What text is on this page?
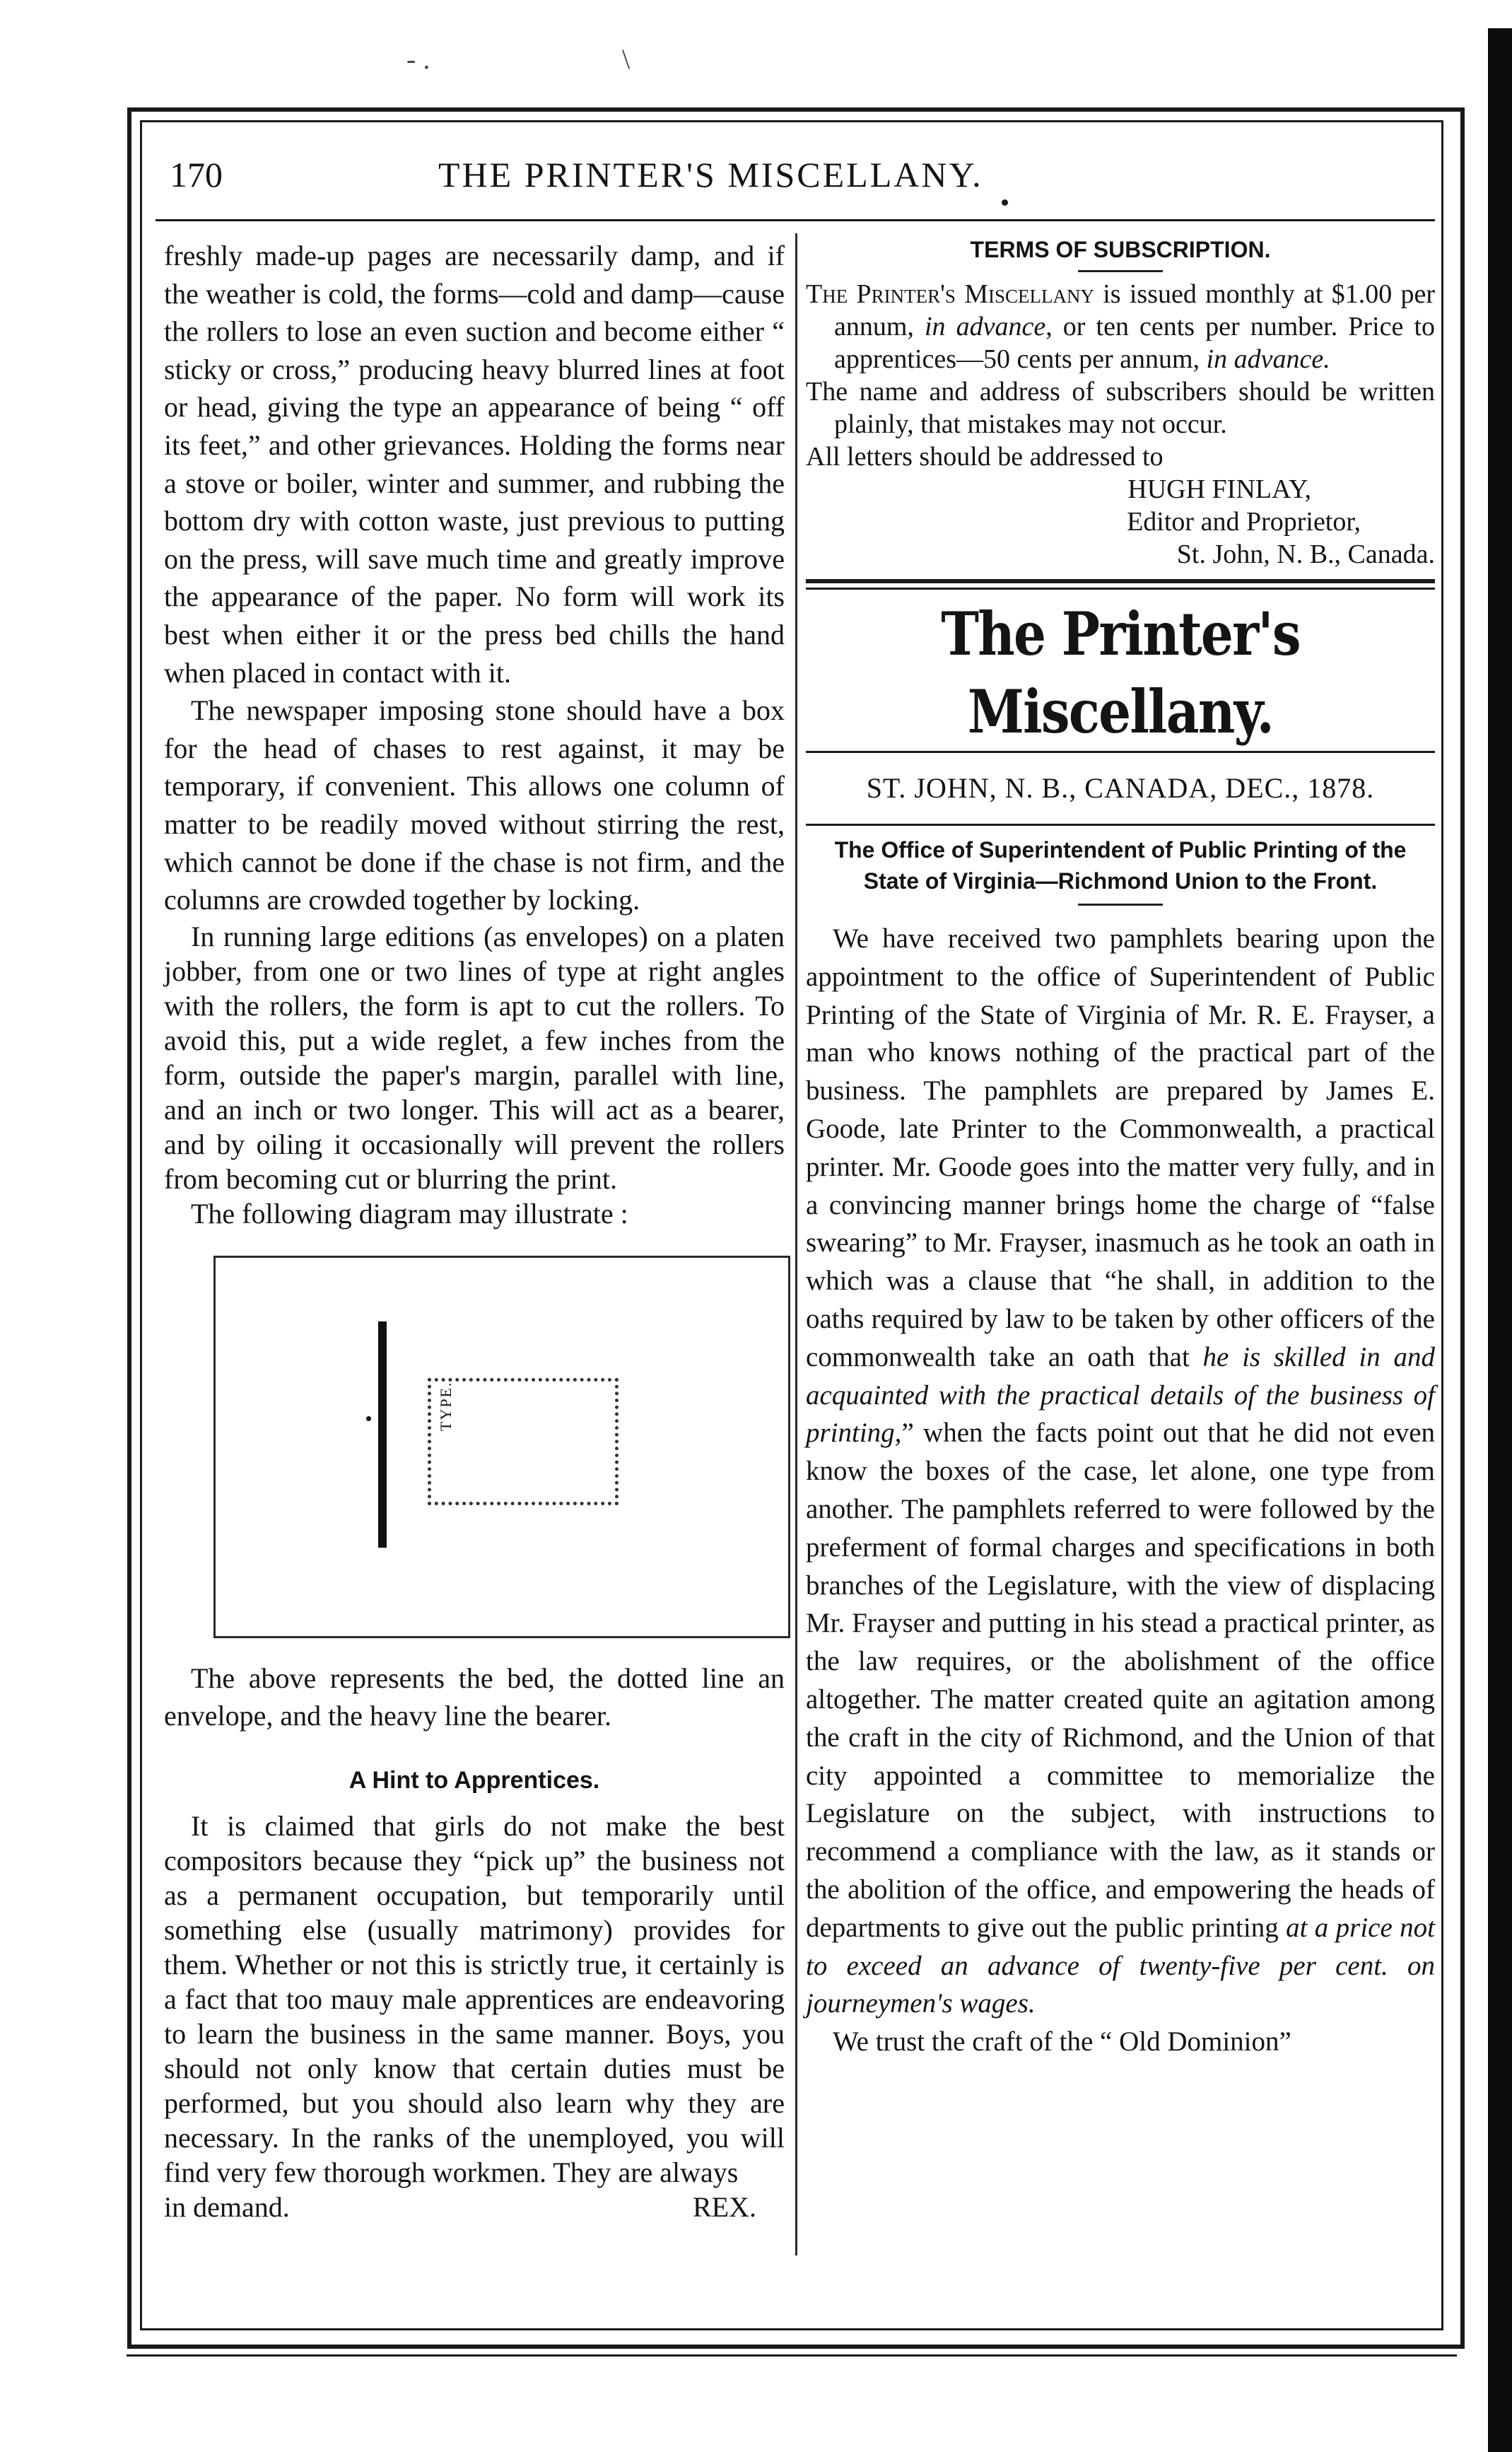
- .	\
170	THE PRINTER'S MISCELLANY.

freshly made-up pages are necessarily damp, and if the weather is cold, the forms—cold and damp—cause the rollers to lose an even suction and become either “ sticky or cross,” producing heavy blurred lines at foot or head, giving the type an appearance of being “ off its feet,” and other grievances. Holding the forms near a stove or boiler, winter and summer, and rubbing the bottom dry with cotton waste, just previous to putting on the press, will save much time and greatly improve the appearance of the paper. No form will work its best when either it or the press bed chills the hand when placed in contact with it.

The newspaper imposing stone should have a box for the head of chases to rest against, it may be temporary, if convenient. This allows one column of matter to be readily moved without stirring the rest, which cannot be done if the chase is not firm, and the columns are crowded together by locking.

In running large editions (as envelopes) on a platen jobber, from one or two lines of type at right angles with the rollers, the form is apt to cut the rollers. To avoid this, put a wide reglet, a few inches from the form, outside the paper's margin, parallel with line, and an inch or two longer. This will act as a bearer, and by oiling it occasionally will prevent the rollers from becoming cut or blurring the print.

The following diagram may illustrate :

TYPE.

The above represents the bed, the dotted line an envelope, and the heavy line the bearer.

A Hint to Apprentices.

It is claimed that girls do not make the best compositors because they “pick up” the business not as a permanent occupation, but temporarily until something else (usually matrimony) provides for them. Whether or not this is strictly true, it certainly is a fact that too mauy male apprentices are endeavoring to learn the business in the same manner. Boys, you should not only know that certain duties must be performed, but you should also learn why they are necessary. In the ranks of the unemployed, you will find very few thorough workmen. They are always

in demand.	REX.

TERMS OF SUBSCRIPTION.

The Printer's Miscellany is issued monthly at $1.00 per annum, in advance, or ten cents per number. Price to apprentices—50 cents per annum, in advance.

The name and address of subscribers should be written plainly, that mistakes may not occur.

All letters should be addressed to

HUGH FINLAY,

Editor and Proprietor,

St. John, N. B., Canada.

The Printer's Miscellany.
ST. JOHN, N. B., CANADA, DEC., 1878.
The Office of Superintendent of Public Printing of the State of Virginia—Richmond Union to the Front.

We have received two pamphlets bearing upon the appointment to the office of Superintendent of Public Printing of the State of Virginia of Mr. R. E. Frayser, a man who knows nothing of the practical part of the business. The pamphlets are prepared by James E. Goode, late Printer to the Commonwealth, a practical printer. Mr. Goode goes into the matter very fully, and in a convincing manner brings home the charge of “false swearing” to Mr. Frayser, inasmuch as he took an oath in which was a clause that “he shall, in addition to the oaths required by law to be taken by other officers of the commonwealth take an oath that he is skilled in and acquainted with the practical details of the business of printing,” when the facts point out that he did not even know the boxes of the case, let alone, one type from another. The pamphlets referred to were followed by the preferment of formal charges and specifications in both branches of the Legislature, with the view of displacing Mr. Frayser and putting in his stead a practical printer, as the law requires, or the abolishment of the office altogether. The matter created quite an agitation among the craft in the city of Richmond, and the Union of that city appointed a committee to memorialize the Legislature on the subject, with instructions to recommend a compliance with the law, as it stands or the abolition of the office, and empowering the heads of departments to give out the public printing at a price not to exceed an advance of twenty-five per cent. on journeymen's wages.

We trust the craft of the “ Old Dominion”
